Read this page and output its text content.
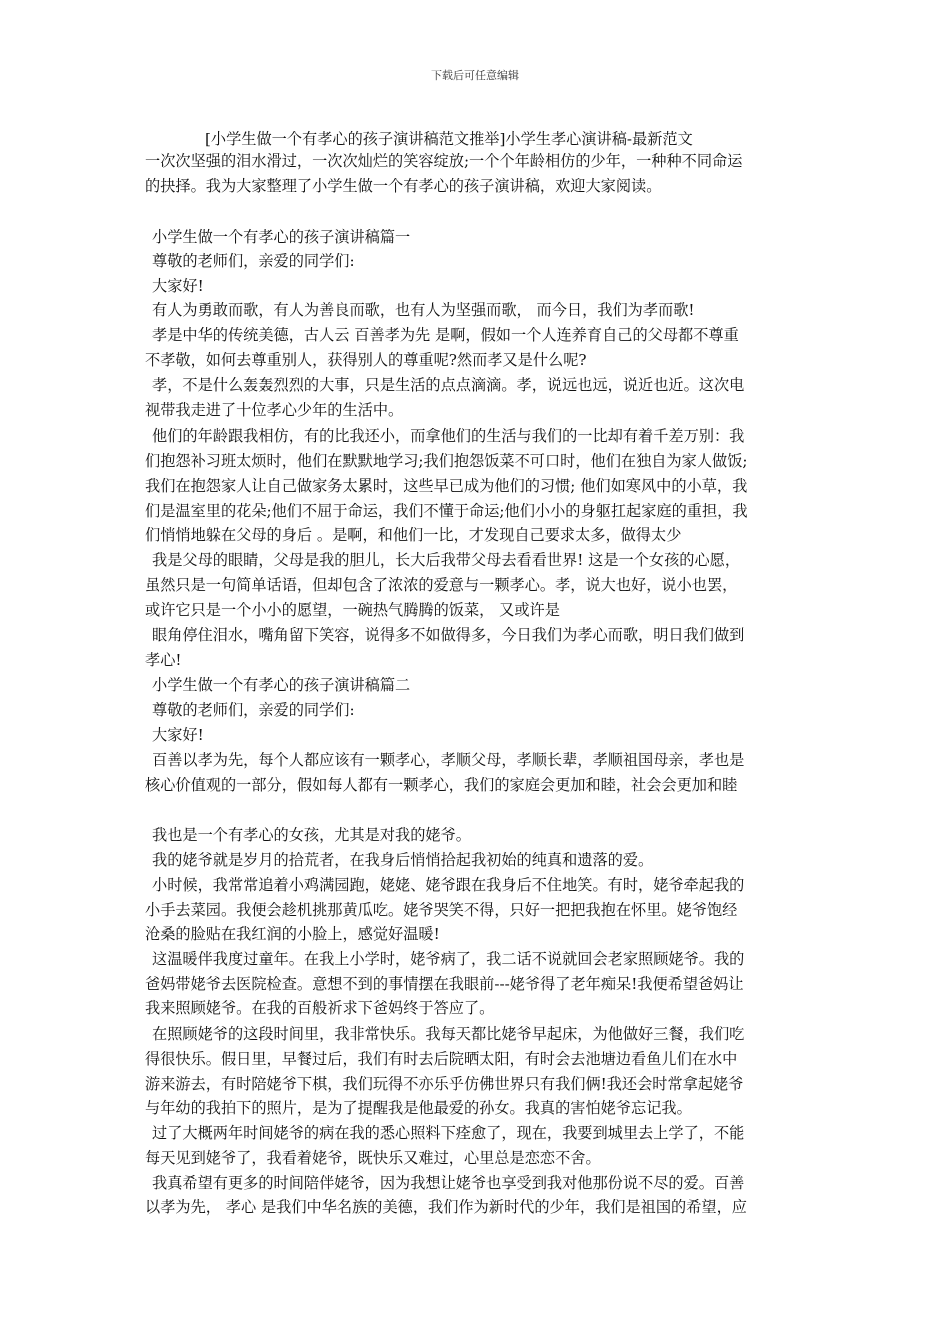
下载后可任意编辑
[小学生做一个有孝心的孩子演讲稿范文推举]小学生孝心演讲稿-最新范文
一次次坚强的泪水滑过，一次次灿烂的笑容绽放;一个个年龄相仿的少年，一种种不同命运
的抉择。我为大家整理了小学生做一个有孝心的孩子演讲稿，欢迎大家阅读。
小学生做一个有孝心的孩子演讲稿篇一
尊敬的老师们，亲爱的同学们:
大家好!
有人为勇敢而歌，有人为善良而歌，也有人为坚强而歌， 而今日，我们为孝而歌!
孝是中华的传统美德，古人云 百善孝为先 是啊，假如一个人连养育自己的父母都不尊重
不孝敬，如何去尊重别人，获得别人的尊重呢?然而孝又是什么呢?
孝，不是什么轰轰烈烈的大事，只是生活的点点滴滴。孝，说远也远，说近也近。这次电
视带我走进了十位孝心少年的生活中。
他们的年龄跟我相仿，有的比我还小，而拿他们的生活与我们的一比却有着千差万别：我
们抱怨补习班太烦时，他们在默默地学习;我们抱怨饭菜不可口时，他们在独自为家人做饭;
我们在抱怨家人让自己做家务太累时，这些早已成为他们的习惯; 他们如寒风中的小草，我
们是温室里的花朵;他们不屈于命运，我们不懂于命运;他们小小的身躯扛起家庭的重担，我
们悄悄地躲在父母的身后 。是啊，和他们一比，才发现自己要求太多，做得太少
我是父母的眼睛，父母是我的胆儿，长大后我带父母去看看世界! 这是一个女孩的心愿，
虽然只是一句简单话语，但却包含了浓浓的爱意与一颗孝心。孝，说大也好，说小也罢，
或许它只是一个小小的愿望，一碗热气腾腾的饭菜， 又或许是
眼角停住泪水，嘴角留下笑容，说得多不如做得多，今日我们为孝心而歌，明日我们做到
孝心!
小学生做一个有孝心的孩子演讲稿篇二
尊敬的老师们，亲爱的同学们:
大家好!
百善以孝为先，每个人都应该有一颗孝心，孝顺父母，孝顺长辈，孝顺祖国母亲，孝也是
核心价值观的一部分，假如每人都有一颗孝心，我们的家庭会更加和睦，社会会更加和睦
我也是一个有孝心的女孩，尤其是对我的姥爷。
我的姥爷就是岁月的拾荒者，在我身后悄悄拾起我初始的纯真和遗落的爱。
小时候，我常常追着小鸡满园跑，姥姥、姥爷跟在我身后不住地笑。有时，姥爷牵起我的
小手去菜园。我便会趁机挑那黄瓜吃。姥爷哭笑不得，只好一把把我抱在怀里。姥爷饱经
沧桑的脸贴在我红润的小脸上，感觉好温暖!
这温暖伴我度过童年。在我上小学时，姥爷病了，我二话不说就回会老家照顾姥爷。我的
爸妈带姥爷去医院检查。意想不到的事情摆在我眼前---姥爷得了老年痴呆!我便希望爸妈让
我来照顾姥爷。在我的百般祈求下爸妈终于答应了。
在照顾姥爷的这段时间里，我非常快乐。我每天都比姥爷早起床，为他做好三餐，我们吃
得很快乐。假日里，早餐过后，我们有时去后院晒太阳，有时会去池塘边看鱼儿们在水中
游来游去，有时陪姥爷下棋，我们玩得不亦乐乎仿佛世界只有我们俩!我还会时常拿起姥爷
与年幼的我拍下的照片，是为了提醒我是他最爱的孙女。我真的害怕姥爷忘记我。
过了大概两年时间姥爷的病在我的悉心照料下痊愈了，现在，我要到城里去上学了，不能
每天见到姥爷了，我看着姥爷，既快乐又难过，心里总是恋恋不舍。
我真希望有更多的时间陪伴姥爷，因为我想让姥爷也享受到我对他那份说不尽的爱。百善
以孝为先， 孝心 是我们中华名族的美德，我们作为新时代的少年，我们是祖国的希望，应
